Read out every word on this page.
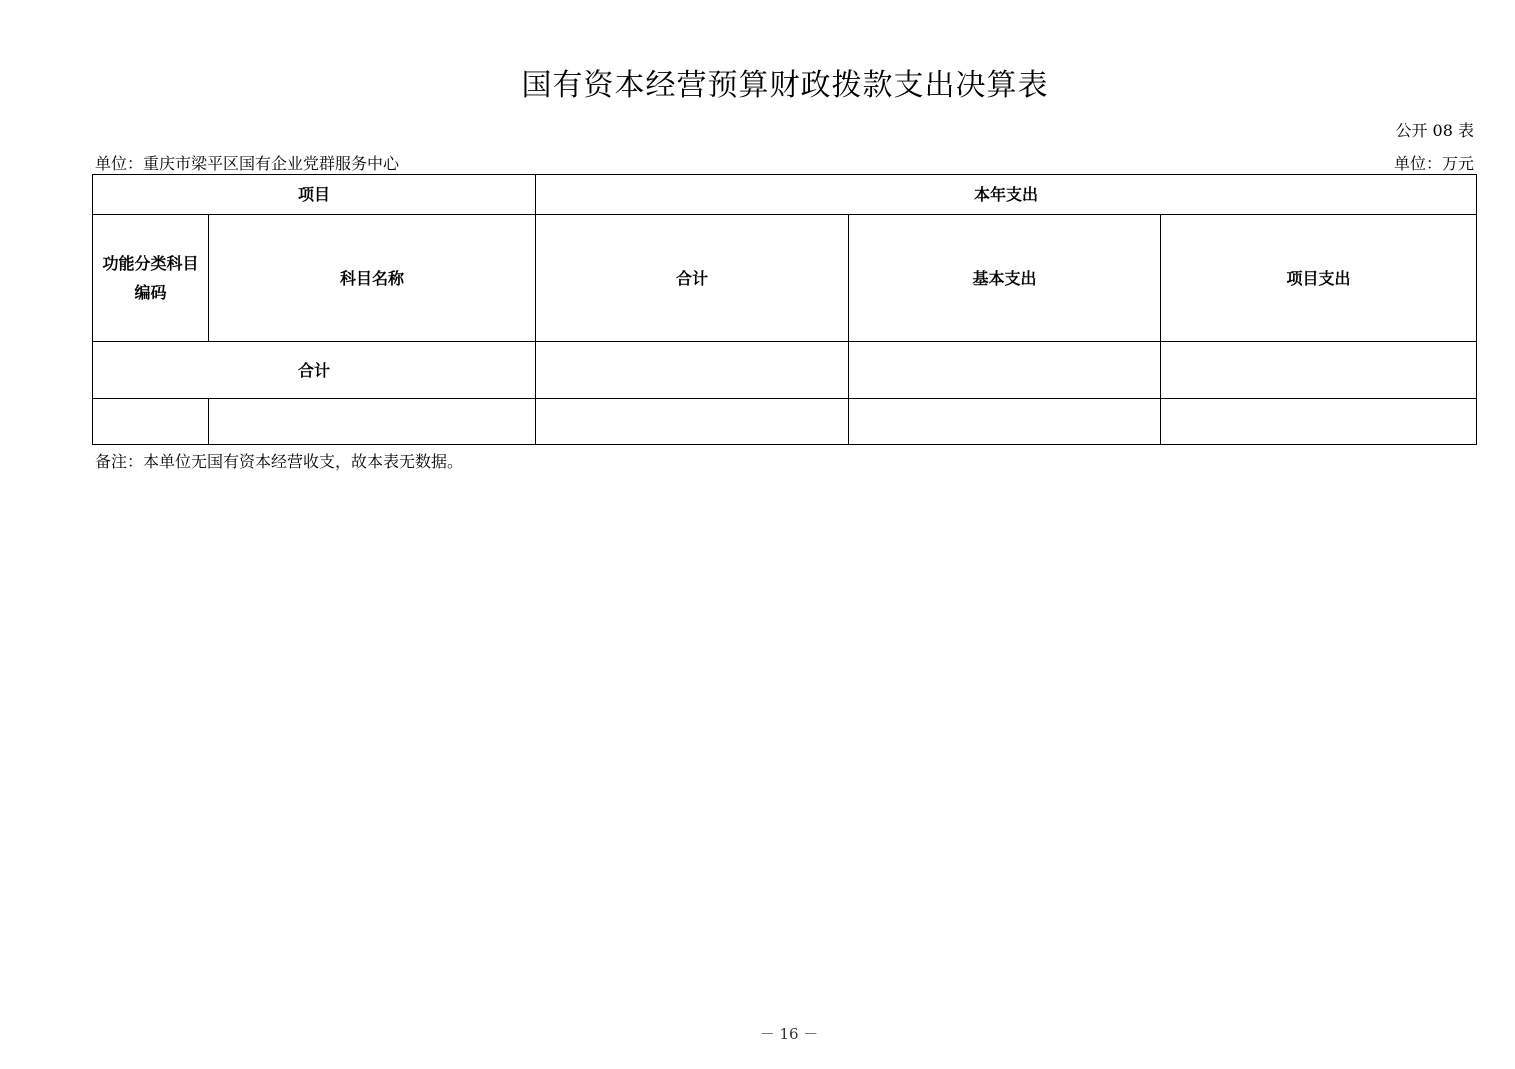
国有资本经营预算财政拨款支出决算表
公开 08 表
单位：重庆市梁平区国有企业党群服务中心	单位：万元
项目		本年支出		

功能分类科目
编码	科目名称	合计	基本支出	项目支出
合计				

备注：本单位无国有资本经营收支，故本表无数据。
－ 16 －
